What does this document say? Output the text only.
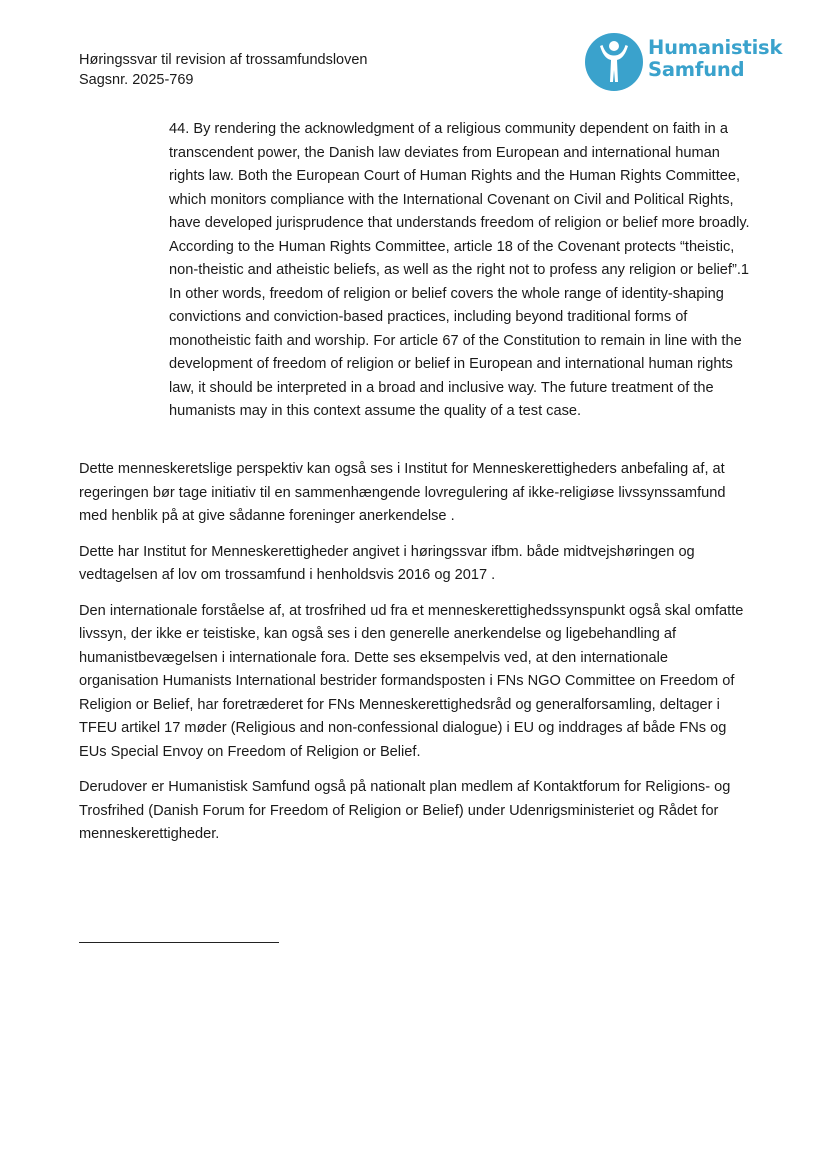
Høringssvar til revision af trossamfundsloven
Sagsnr. 2025-769
Humanistisk
Samfund

44. By rendering the acknowledgment of a religious community dependent on faith in a transcendent power, the Danish law deviates from European and international human rights law. Both the European Court of Human Rights and the Human Rights Committee, which monitors compliance with the International Covenant on Civil and Political Rights, have developed jurisprudence that understands freedom of religion or belief more broadly. According to the Human Rights Committee, article 18 of the Covenant protects “theistic, non-theistic and atheistic beliefs, as well as the right not to profess any religion or belief”.1 In other words, freedom of religion or belief covers the whole range of identity-shaping convictions and conviction-based practices, including beyond traditional forms of monotheistic faith and worship. For article 67 of the Constitution to remain in line with the development of freedom of religion or belief in European and international human rights law, it should be interpreted in a broad and inclusive way. The future treatment of the humanists may in this context assume the quality of a test case.

Dette menneskeretslige perspektiv kan også ses i Institut for Menneskerettigheders anbefaling af, at regeringen bør tage initiativ til en sammenhængende lovregulering af ikke-religiøse livssynssamfund med henblik på at give sådanne foreninger anerkendelse .

Dette har Institut for Menneskerettigheder angivet i høringssvar ifbm. både midtvejshøringen og vedtagelsen af lov om trossamfund i henholdsvis 2016 og 2017 .

Den internationale forståelse af, at trosfrihed ud fra et menneskerettighedssynspunkt også skal omfatte livssyn, der ikke er teistiske, kan også ses i den generelle anerkendelse og ligebehandling af humanistbevægelsen i internationale fora. Dette ses eksempelvis ved, at den internationale organisation Humanists International bestrider formandsposten i FNs NGO Committee on Freedom of Religion or Belief, har foretræderet for FNs Menneskerettighedsråd og generalforsamling, deltager i TFEU artikel 17 møder (Religious and non-confessional dialogue) i EU og inddrages af både FNs og EUs Special Envoy on Freedom of Religion or Belief.

Derudover er Humanistisk Samfund også på nationalt plan medlem af Kontaktforum for Religions- og Trosfrihed (Danish Forum for Freedom of Religion or Belief) under Udenrigsministeriet og Rådet for menneskerettigheder.
